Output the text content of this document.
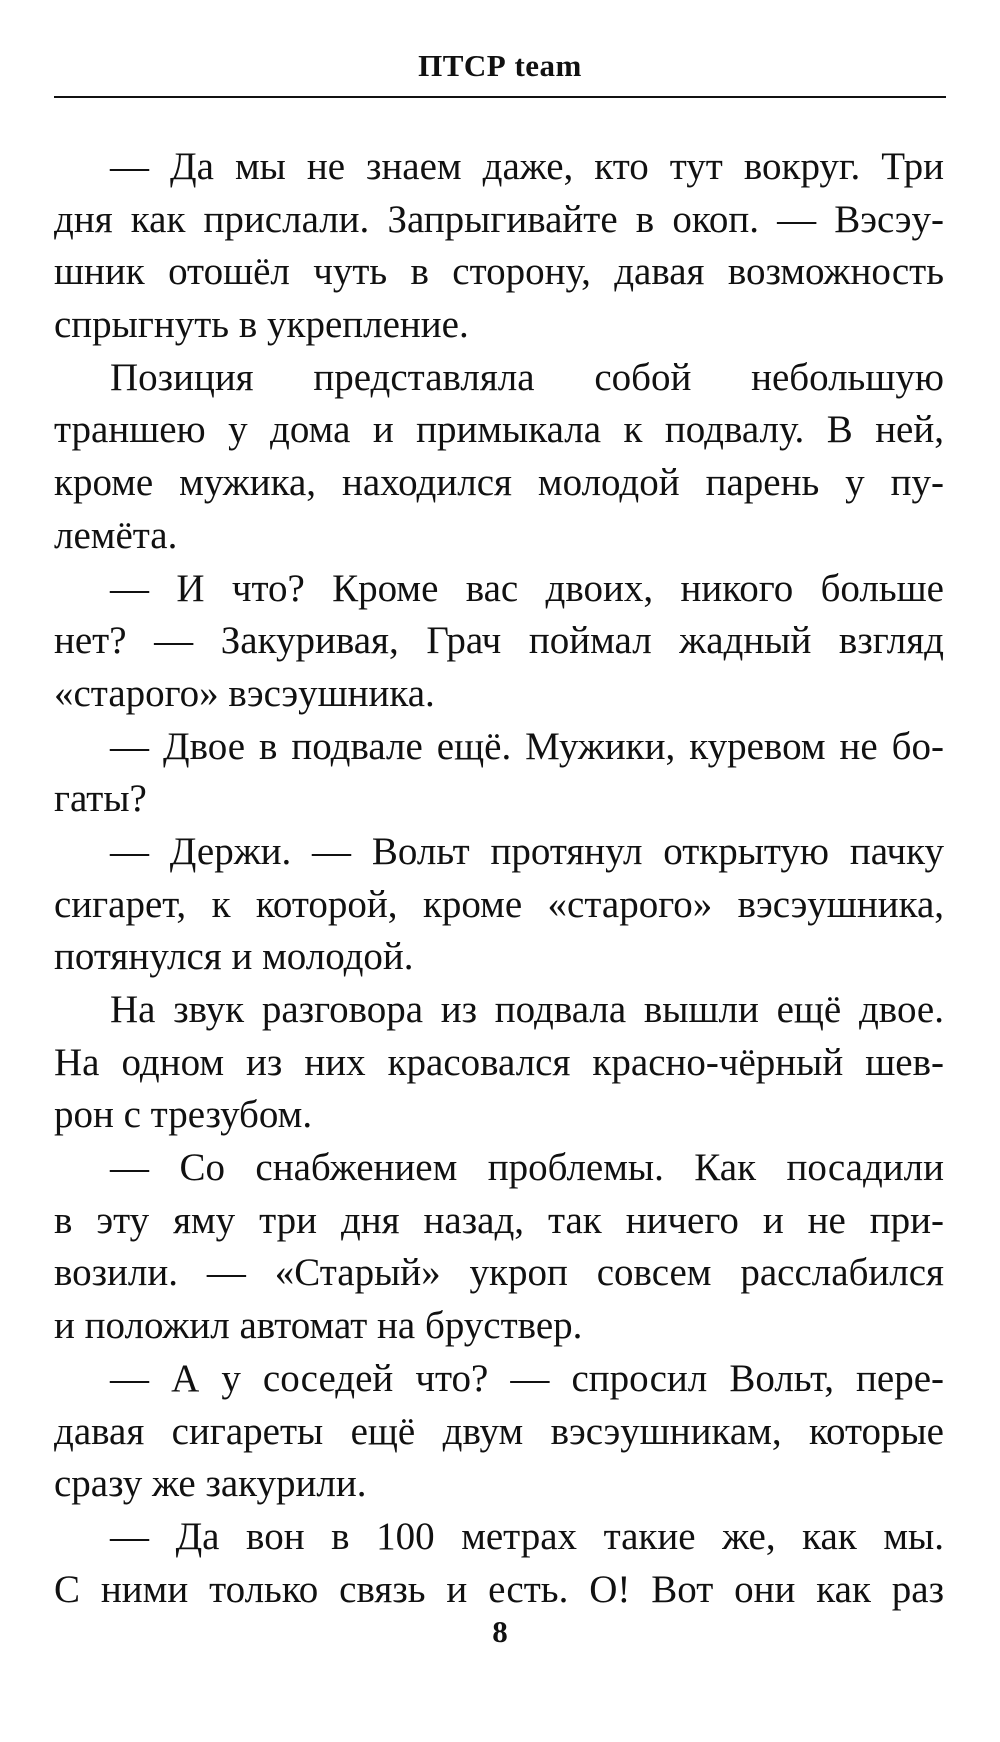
ПТСР team
— Да мы не знаем даже, кто тут вокруг. Три
дня как прислали. Запрыгивайте в окоп. — Вэсэу-
шник отошёл чуть в сторону, давая возможность
спрыгнуть в укрепление.
Позиция представляла собой небольшую
траншею у дома и примыкала к подвалу. В ней,
кроме мужика, находился молодой парень у пу-
лемёта.
— И что? Кроме вас двоих, никого больше
нет? — Закуривая, Грач поймал жадный взгляд
«старого» вэсэушника.
— Двое в подвале ещё. Мужики, куревом не бо-
гаты?
— Держи. — Вольт протянул открытую пачку
сигарет, к которой, кроме «старого» вэсэушника,
потянулся и молодой.
На звук разговора из подвала вышли ещё двое.
На одном из них красовался красно-чёрный шев-
рон с трезубом.
— Со снабжением проблемы. Как посадили
в эту яму три дня назад, так ничего и не при-
возили. — «Старый» укроп совсем расслабился
и положил автомат на бруствер.
— А у соседей что? — спросил Вольт, пере-
давая сигареты ещё двум вэсэушникам, которые
сразу же закурили.
— Да вон в 100 метрах такие же, как мы.
С ними только связь и есть. О! Вот они как раз
8
